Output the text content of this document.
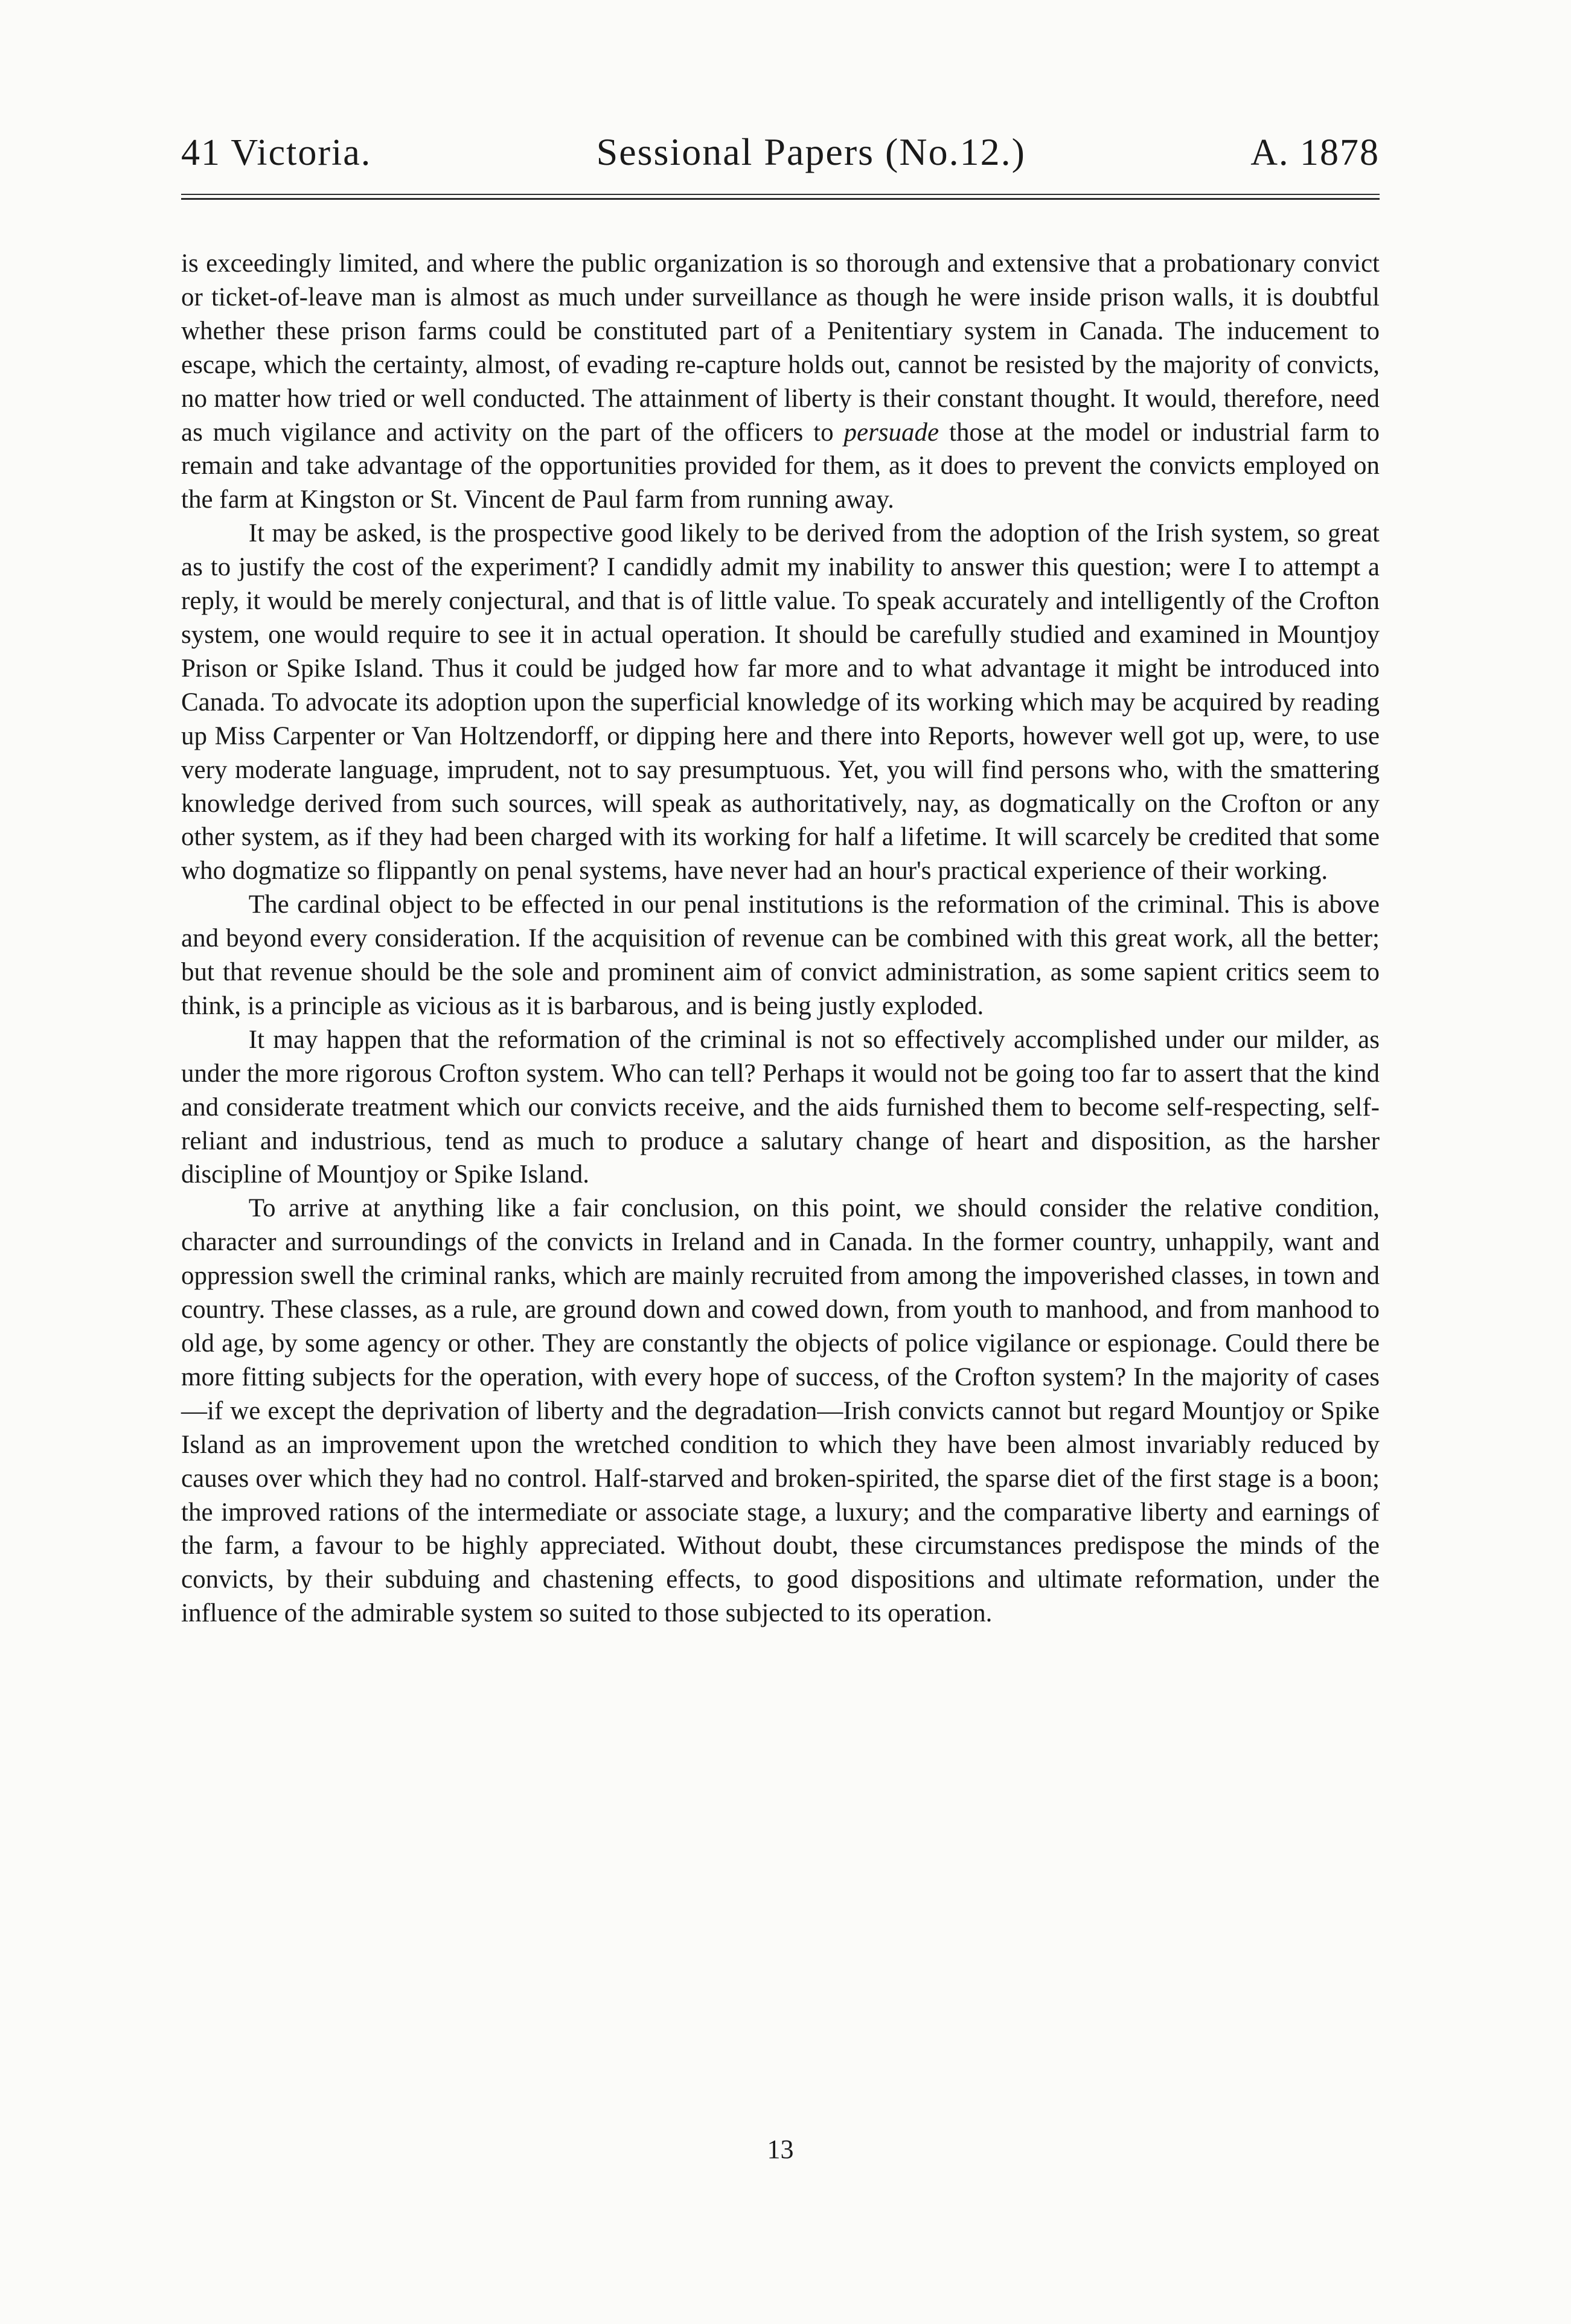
41 Victoria.	Sessional Papers (No.12.)	A. 1878

is exceedingly limited, and where the public organization is so thorough and extensive that a probationary convict or ticket-of-leave man is almost as much under surveillance as though he were inside prison walls, it is doubtful whether these prison farms could be constituted part of a Penitentiary system in Canada. The inducement to escape, which the certainty, almost, of evading re-capture holds out, cannot be resisted by the majority of convicts, no matter how tried or well conducted. The attainment of liberty is their constant thought. It would, therefore, need as much vigilance and activity on the part of the officers to persuade those at the model or industrial farm to remain and take advantage of the opportunities provided for them, as it does to prevent the convicts employed on the farm at Kingston or St. Vincent de Paul farm from running away.

It may be asked, is the prospective good likely to be derived from the adoption of the Irish system, so great as to justify the cost of the experiment? I candidly admit my inability to answer this question; were I to attempt a reply, it would be merely conjectural, and that is of little value. To speak accurately and intelligently of the Crofton system, one would require to see it in actual operation. It should be carefully studied and examined in Mountjoy Prison or Spike Island. Thus it could be judged how far more and to what advantage it might be introduced into Canada. To advocate its adoption upon the superficial knowledge of its working which may be acquired by reading up Miss Carpenter or Van Holtzendorff, or dipping here and there into Reports, however well got up, were, to use very moderate language, imprudent, not to say presumptuous. Yet, you will find persons who, with the smattering knowledge derived from such sources, will speak as authoritatively, nay, as dogmatically on the Crofton or any other system, as if they had been charged with its working for half a lifetime. It will scarcely be credited that some who dogmatize so flippantly on penal systems, have never had an hour's practical experience of their working.

The cardinal object to be effected in our penal institutions is the reformation of the criminal. This is above and beyond every consideration. If the acquisition of revenue can be combined with this great work, all the better; but that revenue should be the sole and prominent aim of convict administration, as some sapient critics seem to think, is a principle as vicious as it is barbarous, and is being justly exploded.

It may happen that the reformation of the criminal is not so effectively accomplished under our milder, as under the more rigorous Crofton system. Who can tell? Perhaps it would not be going too far to assert that the kind and considerate treatment which our convicts receive, and the aids furnished them to become self-respecting, self-reliant and industrious, tend as much to produce a salutary change of heart and disposition, as the harsher discipline of Mountjoy or Spike Island.

To arrive at anything like a fair conclusion, on this point, we should consider the relative condition, character and surroundings of the convicts in Ireland and in Canada. In the former country, unhappily, want and oppression swell the criminal ranks, which are mainly recruited from among the impoverished classes, in town and country. These classes, as a rule, are ground down and cowed down, from youth to manhood, and from manhood to old age, by some agency or other. They are constantly the objects of police vigilance or espionage. Could there be more fitting subjects for the operation, with every hope of success, of the Crofton system? In the majority of cases—if we except the deprivation of liberty and the degradation—Irish convicts cannot but regard Mountjoy or Spike Island as an improvement upon the wretched condition to which they have been almost invariably reduced by causes over which they had no control. Half-starved and broken-spirited, the sparse diet of the first stage is a boon; the improved rations of the intermediate or associate stage, a luxury; and the comparative liberty and earnings of the farm, a favour to be highly appreciated. Without doubt, these circumstances predispose the minds of the convicts, by their subduing and chastening effects, to good dispositions and ultimate reformation, under the influence of the admirable system so suited to those subjected to its operation.

13
